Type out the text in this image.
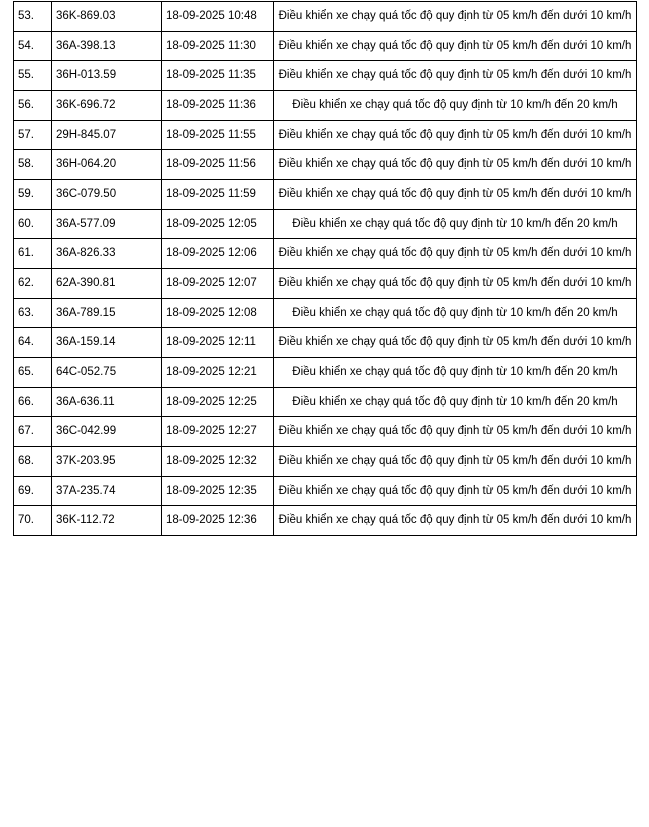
53.	36K-869.03	18-09-2025 10:48	Điều khiển xe chạy quá tốc độ quy định từ 05 km/h đến dưới 10 km/h
54.	36A-398.13	18-09-2025 11:30	Điều khiển xe chạy quá tốc độ quy định từ 05 km/h đến dưới 10 km/h
55.	36H-013.59	18-09-2025 11:35	Điều khiển xe chạy quá tốc độ quy định từ 05 km/h đến dưới 10 km/h
56.	36K-696.72	18-09-2025 11:36	Điều khiển xe chạy quá tốc độ quy định từ 10 km/h đến 20 km/h
57.	29H-845.07	18-09-2025 11:55	Điều khiển xe chạy quá tốc độ quy định từ 05 km/h đến dưới 10 km/h
58.	36H-064.20	18-09-2025 11:56	Điều khiển xe chạy quá tốc độ quy định từ 05 km/h đến dưới 10 km/h
59.	36C-079.50	18-09-2025 11:59	Điều khiển xe chạy quá tốc độ quy định từ 05 km/h đến dưới 10 km/h
60.	36A-577.09	18-09-2025 12:05	Điều khiển xe chạy quá tốc độ quy định từ 10 km/h đến 20 km/h
61.	36A-826.33	18-09-2025 12:06	Điều khiển xe chạy quá tốc độ quy định từ 05 km/h đến dưới 10 km/h
62.	62A-390.81	18-09-2025 12:07	Điều khiển xe chạy quá tốc độ quy định từ 05 km/h đến dưới 10 km/h
63.	36A-789.15	18-09-2025 12:08	Điều khiển xe chạy quá tốc độ quy định từ 10 km/h đến 20 km/h
64.	36A-159.14	18-09-2025 12:11	Điều khiển xe chạy quá tốc độ quy định từ 05 km/h đến dưới 10 km/h
65.	64C-052.75	18-09-2025 12:21	Điều khiển xe chạy quá tốc độ quy định từ 10 km/h đến 20 km/h
66.	36A-636.11	18-09-2025 12:25	Điều khiển xe chạy quá tốc độ quy định từ 10 km/h đến 20 km/h
67.	36C-042.99	18-09-2025 12:27	Điều khiển xe chạy quá tốc độ quy định từ 05 km/h đến dưới 10 km/h
68.	37K-203.95	18-09-2025 12:32	Điều khiển xe chạy quá tốc độ quy định từ 05 km/h đến dưới 10 km/h
69.	37A-235.74	18-09-2025 12:35	Điều khiển xe chạy quá tốc độ quy định từ 05 km/h đến dưới 10 km/h
70.	36K-112.72	18-09-2025 12:36	Điều khiển xe chạy quá tốc độ quy định từ 05 km/h đến dưới 10 km/h
